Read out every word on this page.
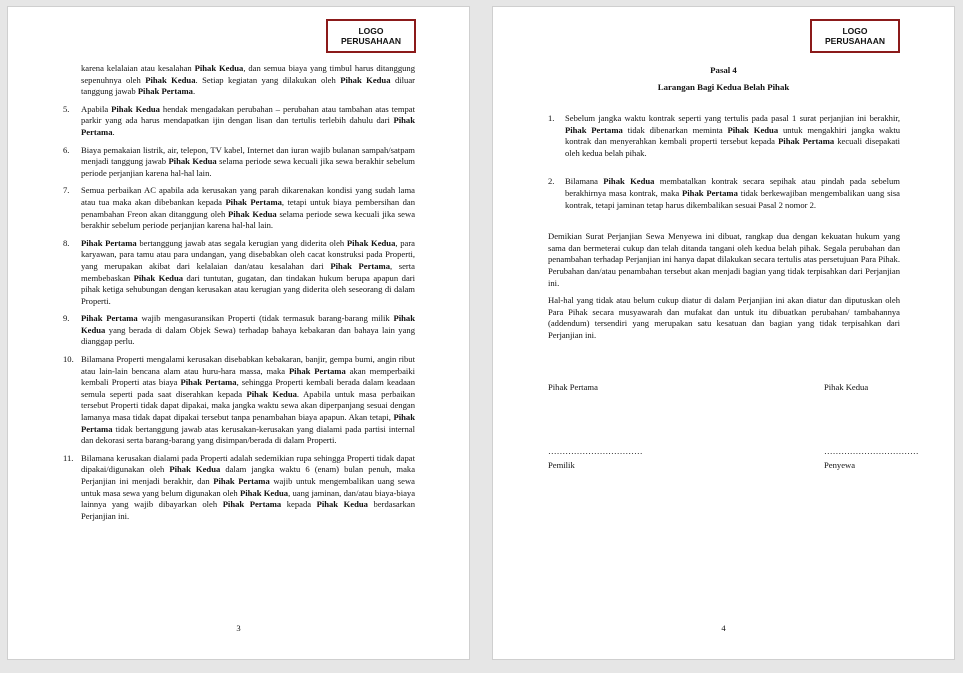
LOGO
PERUSAHAAN
karena kelalaian atau kesalahan Pihak Kedua, dan semua biaya yang timbul harus ditanggung sepenuhnya oleh Pihak Kedua. Setiap kegiatan yang dilakukan oleh Pihak Kedua diluar tanggung jawab Pihak Pertama.
5.	Apabila Pihak Kedua hendak mengadakan perubahan – perubahan atau tambahan atas tempat parkir yang ada harus mendapatkan ijin dengan lisan dan tertulis terlebih dahulu dari Pihak Pertama.
6.	Biaya pemakaian listrik, air, telepon, TV kabel, Internet dan iuran wajib bulanan sampah/satpam menjadi tanggung jawab Pihak Kedua selama periode sewa kecuali jika sewa berakhir sebelum periode perjanjian karena hal-hal lain.
7.	Semua perbaikan AC apabila ada kerusakan yang parah dikarenakan kondisi yang sudah lama atau tua maka akan dibebankan kepada Pihak Pertama, tetapi untuk biaya pembersihan dan penambahan Freon akan ditanggung oleh Pihak Kedua selama periode sewa kecuali jika sewa berakhir sebelum periode perjanjian karena hal-hal lain.
8.	Pihak Pertama bertanggung jawab atas segala kerugian yang diderita oleh Pihak Kedua, para karyawan, para tamu atau para undangan, yang disebabkan oleh cacat konstruksi pada Properti, yang merupakan akibat dari kelalaian dan/atau kesalahan dari Pihak Pertama, serta membebaskan Pihak Kedua dari tuntutan, gugatan, dan tindakan hukum berupa apapun dari pihak ketiga sehubungan dengan kerusakan atau kerugian yang diderita oleh seseorang di dalam Properti.
9.	Pihak Pertama wajib mengasuransikan Properti (tidak termasuk barang-barang milik Pihak Kedua yang berada di dalam Objek Sewa) terhadap bahaya kebakaran dan bahaya lain yang dianggap perlu.
10. Bilamana Properti mengalami kerusakan disebabkan kebakaran, banjir, gempa bumi, angin ribut atau lain-lain bencana alam atau huru-hara massa, maka Pihak Pertama akan memperbaiki kembali Properti atas biaya Pihak Pertama, sehingga Properti kembali berada dalam keadaan semula seperti pada saat diserahkan kepada Pihak Kedua. Apabila untuk masa perbaikan tersebut Properti tidak dapat dipakai, maka jangka waktu sewa akan diperpanjang sesuai dengan lamanya masa tidak dapat dipakai tersebut tanpa penambahan biaya apapun. Akan tetapi, Pihak Pertama tidak bertanggung jawab atas kerusakan-kerusakan yang dialami pada partisi internal dan dekorasi serta barang-barang yang disimpan/berada di dalam Properti.
11. Bilamana kerusakan dialami pada Properti adalah sedemikian rupa sehingga Properti tidak dapat dipakai/digunakan oleh Pihak Kedua dalam jangka waktu 6 (enam) bulan penuh, maka Perjanjian ini menjadi berakhir, dan Pihak Pertama wajib untuk mengembalikan uang sewa untuk masa sewa yang belum digunakan oleh Pihak Kedua, uang jaminan, dan/atau biaya-biaya lainnya yang wajib dibayarkan oleh Pihak Pertama kepada Pihak Kedua berdasarkan Perjanjian ini.
3
LOGO
PERUSAHAAN
Pasal 4
Larangan Bagi Kedua Belah Pihak
1.	Sebelum jangka waktu kontrak seperti yang tertulis pada pasal 1 surat perjanjian ini berakhir, Pihak Pertama tidak dibenarkan meminta Pihak Kedua untuk mengakhiri jangka waktu kontrak dan menyerahkan kembali properti tersebut kepada Pihak Pertama kecuali disepakati oleh kedua belah pihak.
2.	Bilamana Pihak Kedua membatalkan kontrak secara sepihak atau pindah pada sebelum berakhirnya masa kontrak, maka Pihak Pertama tidak berkewajiban mengembalikan uang sisa kontrak, tetapi jaminan tetap harus dikembalikan sesuai Pasal 2 nomor 2.

Demikian Surat Perjanjian Sewa Menyewa ini dibuat, rangkap dua dengan kekuatan hukum yang sama dan bermeterai cukup dan telah ditanda tangani oleh kedua belah pihak. Segala perubahan dan penambahan terhadap Perjanjian ini hanya dapat dilakukan secara tertulis atas persetujuan Para Pihak. Perubahan dan/atau penambahan tersebut akan menjadi bagian yang tidak terpisahkan dari Perjanjian ini.

Hal-hal yang tidak atau belum cukup diatur di dalam Perjanjian ini akan diatur dan diputuskan oleh Para Pihak secara musyawarah dan mufakat dan untuk itu dibuatkan perubahan/ tambahannya (addendum) tersendiri yang merupakan satu kesatuan dan bagian yang tidak terpisahkan dari Perjanjian ini.

Pihak Pertama	Pihak Kedua
……………………………	……………………………
Pemilik	Penyewa
4
